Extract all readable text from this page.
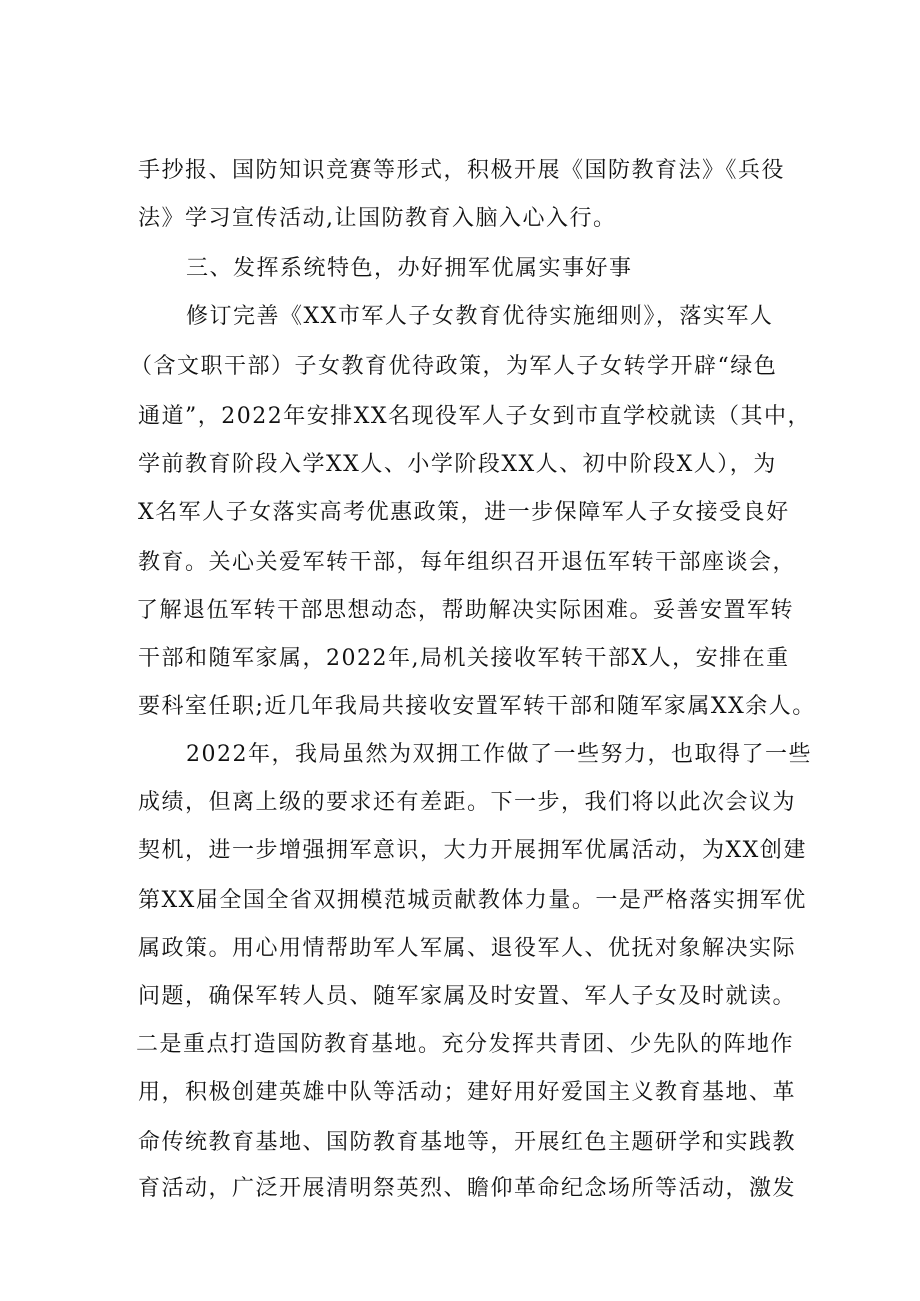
手抄报、国防知识竞赛等形式，积极开展《国防教育法》《兵役

法》学习宣传活动,让国防教育入脑入心入行。

三、发挥系统特色，办好拥军优属实事好事

修订完善《XX市军人子女教育优待实施细则》，落实军人

（含文职干部）子女教育优待政策，为军人子女转学开辟“绿色

通道”，2022年安排XX名现役军人子女到市直学校就读（其中，

学前教育阶段入学XX人、小学阶段XX人、初中阶段X人），为

X名军人子女落实高考优惠政策，进一步保障军人子女接受良好

教育。关心关爱军转干部，每年组织召开退伍军转干部座谈会，

了解退伍军转干部思想动态，帮助解决实际困难。妥善安置军转

干部和随军家属，2022年,局机关接收军转干部X人，安排在重

要科室任职;近几年我局共接收安置军转干部和随军家属XX余人。

2022年，我局虽然为双拥工作做了一些努力，也取得了一些

成绩，但离上级的要求还有差距。下一步，我们将以此次会议为

契机，进一步增强拥军意识，大力开展拥军优属活动，为XX创建

第XX届全国全省双拥模范城贡献教体力量。一是严格落实拥军优

属政策。用心用情帮助军人军属、退役军人、优抚对象解决实际

问题，确保军转人员、随军家属及时安置、军人子女及时就读。

二是重点打造国防教育基地。充分发挥共青团、少先队的阵地作

用，积极创建英雄中队等活动；建好用好爱国主义教育基地、革

命传统教育基地、国防教育基地等，开展红色主题研学和实践教

育活动，广泛开展清明祭英烈、瞻仰革命纪念场所等活动，激发
